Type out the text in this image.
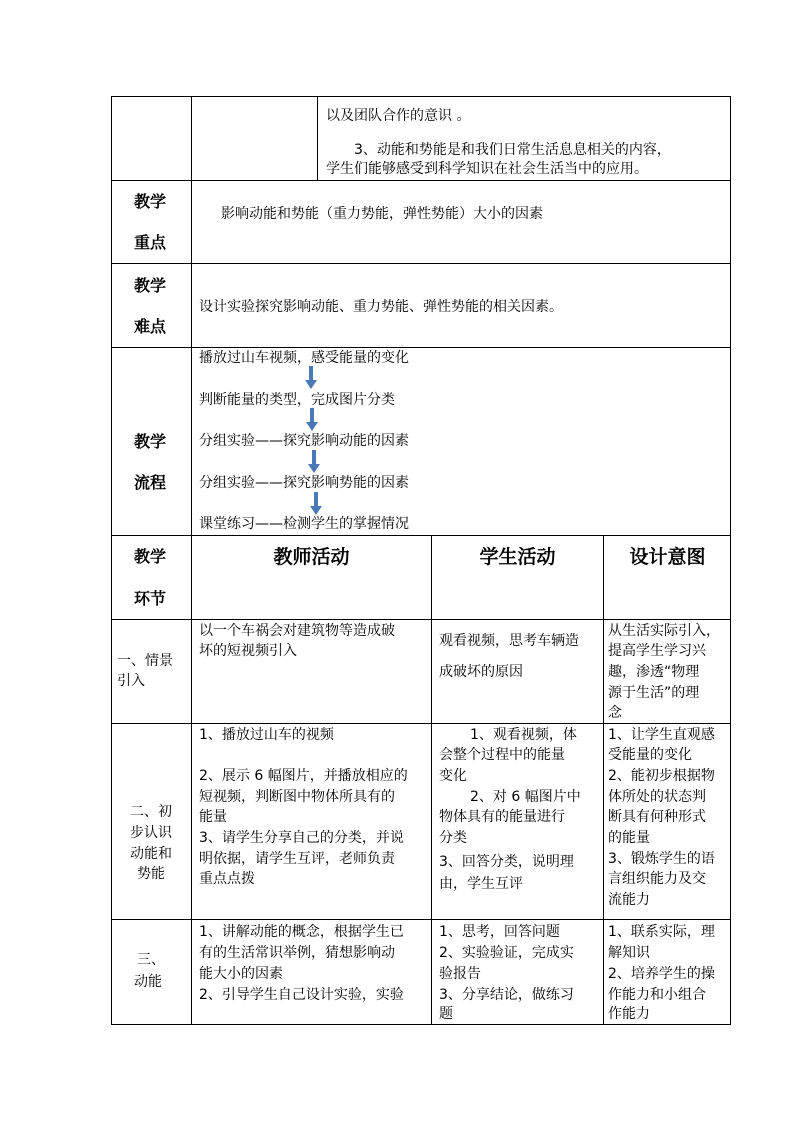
以及团队合作的意识 。
3、动能和势能是和我们日常生活息息相关的内容，
学生们能够感受到科学知识在社会生活当中的应用。
教学
重点
影响动能和势能（重力势能，弹性势能）大小的因素
教学
难点
设计实验探究影响动能、重力势能、弹性势能的相关因素。
教学
流程
播放过山车视频，感受能量的变化
判断能量的类型，完成图片分类
分组实验——探究影响动能的因素
分组实验——探究影响势能的因素
课堂练习——检测学生的掌握情况
教学
环节
教师活动	学生活动	设计意图
一、情景
引入
以一个车祸会对建筑物等造成破
坏的短视频引入
观看视频，思考车辆造
成破坏的原因
从生活实际引入，
提高学生学习兴
趣，渗透“物理
源于生活”的理
念
二、初
步认识
动能和
势能
1、播放过山车的视频
2、展示 6 幅图片，并播放相应的
短视频，判断图中物体所具有的
能量
3、请学生分享自己的分类，并说
明依据，请学生互评，老师负责
重点点拨
1、观看视频，体
会整个过程中的能量
变化
2、对 6 幅图片中
物体具有的能量进行
分类
3、回答分类，说明理
由，学生互评
1、让学生直观感
受能量的变化
2、能初步根据物
体所处的状态判
断具有何种形式
的能量
3、锻炼学生的语
言组织能力及交
流能力
三、
动能
1、讲解动能的概念，根据学生已
有的生活常识举例，猜想影响动
能大小的因素
2、引导学生自己设计实验，实验
1、思考，回答问题
2、实验验证，完成实
验报告
3、分享结论，做练习
题
1、联系实际，理
解知识
2、培养学生的操
作能力和小组合
作能力
